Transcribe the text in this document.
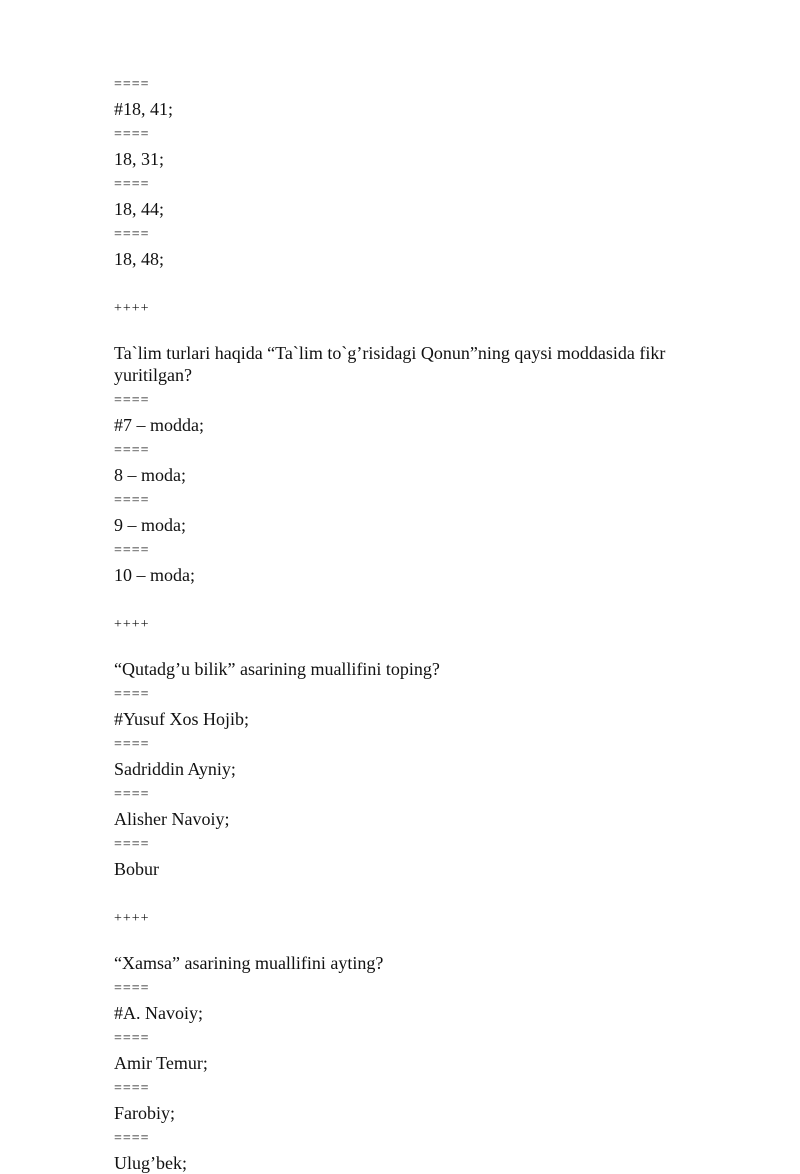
====
#18, 41;
====
18, 31;
====
18, 44;
====
18, 48;
++++
Ta`lim turlari haqida “Ta`lim to`g’risidagi Qonun”ning qaysi moddasida fikr yuritilgan?
====
#7 – modda;
====
8 – moda;
====
9 – moda;
====
10 – moda;
++++
“Qutadg’u bilik” asarining muallifini toping?
====
#Yusuf Xos Hojib;
====
Sadriddin Ayniy;
====
Alisher Navoiy;
====
Bobur
++++
“Xamsa” asarining muallifini ayting?
====
#A. Navoiy;
====
Amir Temur;
====
Farobiy;
====
Ulug’bek;
